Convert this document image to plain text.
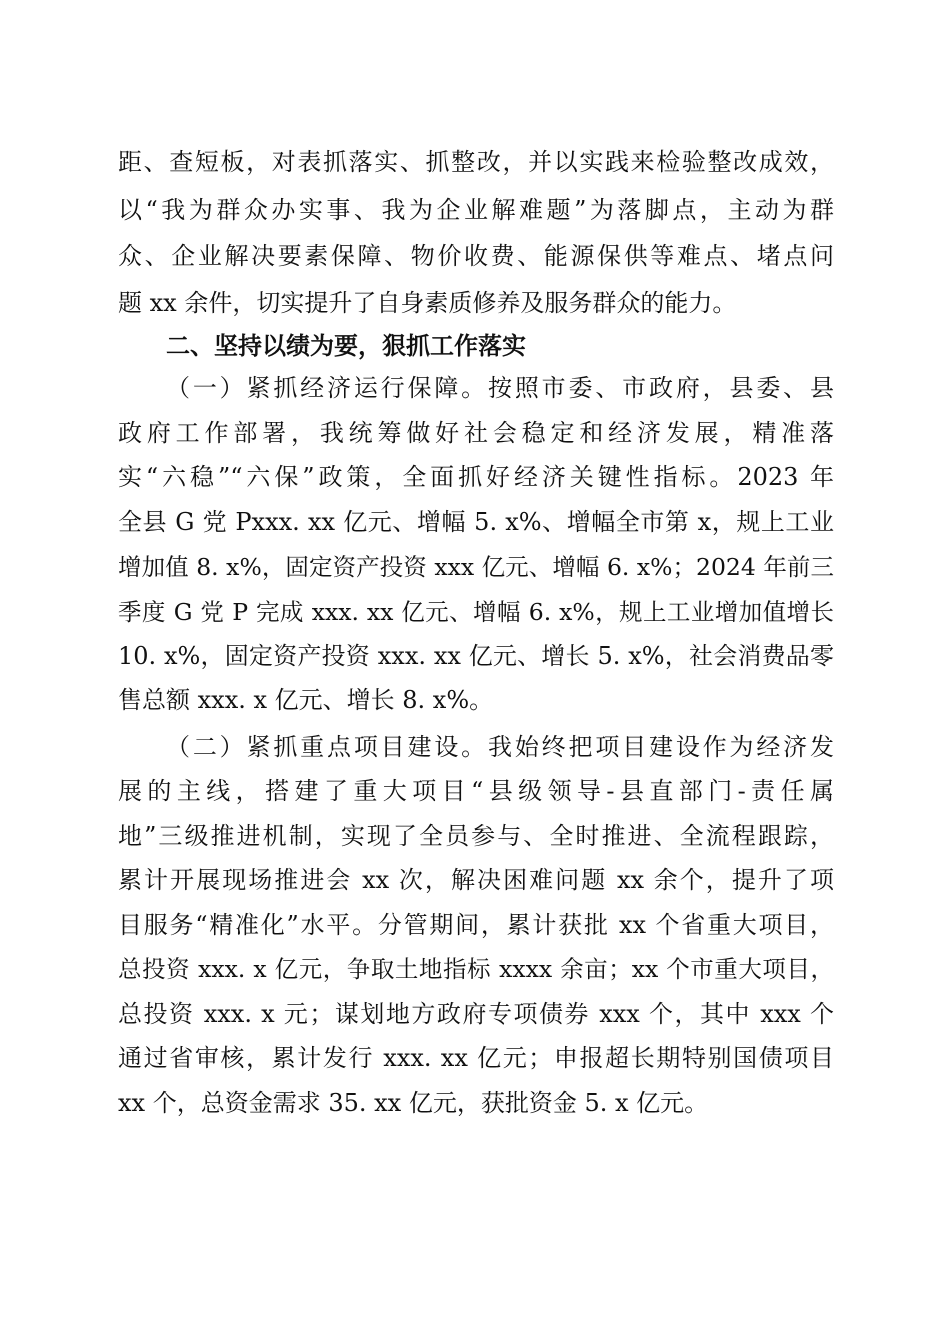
距、查短板，对表抓落实、抓整改，并以实践来检验整改成效，
以“我为群众办实事、我为企业解难题”为落脚点，主动为群
众、企业解决要素保障、物价收费、能源保供等难点、堵点问
题 xx 余件，切实提升了自身素质修养及服务群众的能力。
二、坚持以绩为要，狠抓工作落实
（一）紧抓经济运行保障。按照市委、市政府，县委、县
政府工作部署，我统筹做好社会稳定和经济发展，精准落
实“六稳”“六保”政策，全面抓好经济关键性指标。2023 年
全县 G 党 Pxxx. xx 亿元、增幅 5. x%、增幅全市第 x，规上工业
增加值 8. x%，固定资产投资 xxx 亿元、增幅 6. x%；2024 年前三
季度 G 党 P 完成 xxx. xx 亿元、增幅 6. x%，规上工业增加值增长
10. x%，固定资产投资 xxx. xx 亿元、增长 5. x%，社会消费品零
售总额 xxx. x 亿元、增长 8. x%。
（二）紧抓重点项目建设。我始终把项目建设作为经济发
展的主线，搭建了重大项目“县级领导-县直部门-责任属
地”三级推进机制，实现了全员参与、全时推进、全流程跟踪，
累计开展现场推进会 xx 次，解决困难问题 xx 余个，提升了项
目服务“精准化”水平。分管期间，累计获批 xx 个省重大项目，
总投资 xxx. x 亿元，争取土地指标 xxxx 余亩；xx 个市重大项目，
总投资 xxx. x 元；谋划地方政府专项债券 xxx 个，其中 xxx 个
通过省审核，累计发行 xxx. xx 亿元；申报超长期特别国债项目
xx 个，总资金需求 35. xx 亿元，获批资金 5. x 亿元。
